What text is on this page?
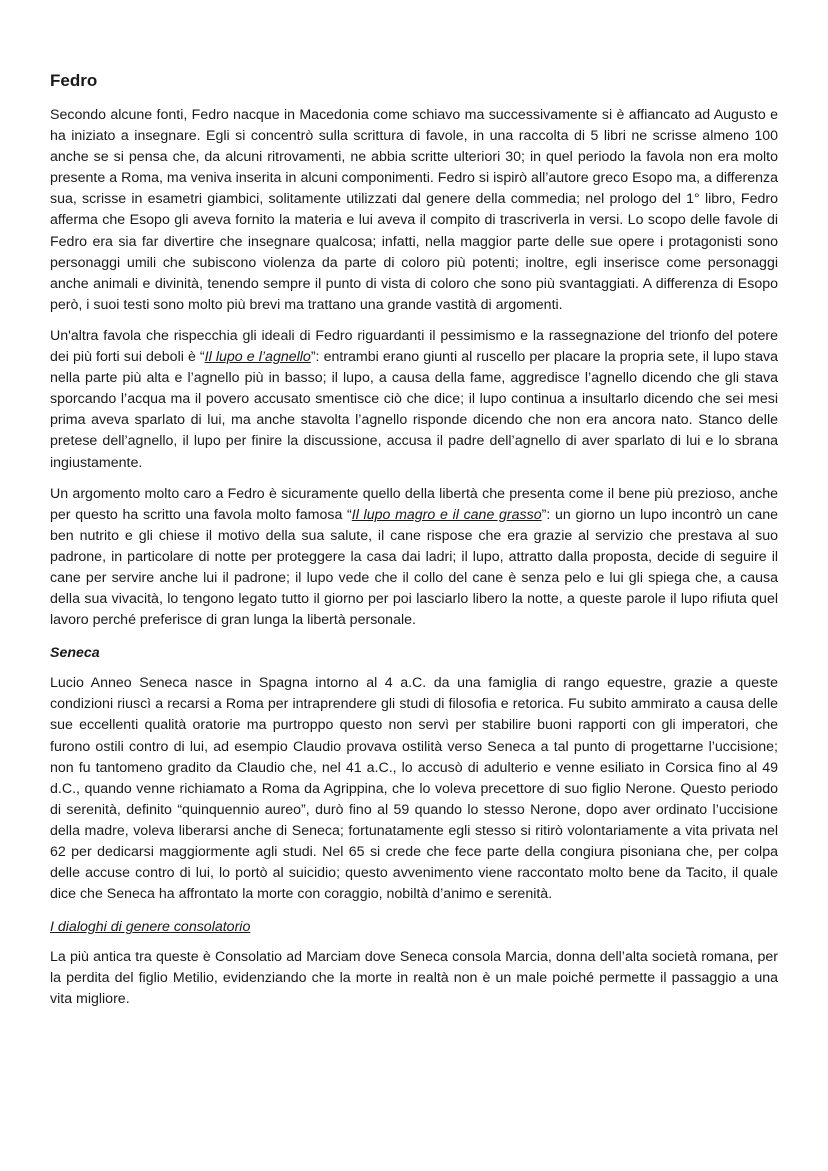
Fedro

Secondo alcune fonti, Fedro nacque in Macedonia come schiavo ma successivamente si è affiancato ad Augusto e ha iniziato a insegnare. Egli si concentrò sulla scrittura di favole, in una raccolta di 5 libri ne scrisse almeno 100 anche se si pensa che, da alcuni ritrovamenti, ne abbia scritte ulteriori 30; in quel periodo la favola non era molto presente a Roma, ma veniva inserita in alcuni componimenti. Fedro si ispirò all’autore greco Esopo ma, a differenza sua, scrisse in esametri giambici, solitamente utilizzati dal genere della commedia; nel prologo del 1° libro, Fedro afferma che Esopo gli aveva fornito la materia e lui aveva il compito di trascriverla in versi. Lo scopo delle favole di Fedro era sia far divertire che insegnare qualcosa; infatti, nella maggior parte delle sue opere i protagonisti sono personaggi umili che subiscono violenza da parte di coloro più potenti; inoltre, egli inserisce come personaggi anche animali e divinità, tenendo sempre il punto di vista di coloro che sono più svantaggiati. A differenza di Esopo però, i suoi testi sono molto più brevi ma trattano una grande vastità di argomenti.

Un'altra favola che rispecchia gli ideali di Fedro riguardanti il pessimismo e la rassegnazione del trionfo del potere dei più forti sui deboli è “Il lupo e l’agnello”: entrambi erano giunti al ruscello per placare la propria sete, il lupo stava nella parte più alta e l’agnello più in basso; il lupo, a causa della fame, aggredisce l’agnello dicendo che gli stava sporcando l’acqua ma il povero accusato smentisce ciò che dice; il lupo continua a insultarlo dicendo che sei mesi prima aveva sparlato di lui, ma anche stavolta l’agnello risponde dicendo che non era ancora nato. Stanco delle pretese dell’agnello, il lupo per finire la discussione, accusa il padre dell’agnello di aver sparlato di lui e lo sbrana ingiustamente.

Un argomento molto caro a Fedro è sicuramente quello della libertà che presenta come il bene più prezioso, anche per questo ha scritto una favola molto famosa “Il lupo magro e il cane grasso”: un giorno un lupo incontrò un cane ben nutrito e gli chiese il motivo della sua salute, il cane rispose che era grazie al servizio che prestava al suo padrone, in particolare di notte per proteggere la casa dai ladri; il lupo, attratto dalla proposta, decide di seguire il cane per servire anche lui il padrone; il lupo vede che il collo del cane è senza pelo e lui gli spiega che, a causa della sua vivacità, lo tengono legato tutto il giorno per poi lasciarlo libero la notte, a queste parole il lupo rifiuta quel lavoro perché preferisce di gran lunga la libertà personale.

Seneca

Lucio Anneo Seneca nasce in Spagna intorno al 4 a.C. da una famiglia di rango equestre, grazie a queste condizioni riuscì a recarsi a Roma per intraprendere gli studi di filosofia e retorica. Fu subito ammirato a causa delle sue eccellenti qualità oratorie ma purtroppo questo non servì per stabilire buoni rapporti con gli imperatori, che furono ostili contro di lui, ad esempio Claudio provava ostilità verso Seneca a tal punto di progettarne l’uccisione; non fu tantomeno gradito da Claudio che, nel 41 a.C., lo accusò di adulterio e venne esiliato in Corsica fino al 49 d.C., quando venne richiamato a Roma da Agrippina, che lo voleva precettore di suo figlio Nerone. Questo periodo di serenità, definito “quinquennio aureo”, durò fino al 59 quando lo stesso Nerone, dopo aver ordinato l’uccisione della madre, voleva liberarsi anche di Seneca; fortunatamente egli stesso si ritirò volontariamente a vita privata nel 62 per dedicarsi maggiormente agli studi. Nel 65 si crede che fece parte della congiura pisoniana che, per colpa delle accuse contro di lui, lo portò al suicidio; questo avvenimento viene raccontato molto bene da Tacito, il quale dice che Seneca ha affrontato la morte con coraggio, nobiltà d’animo e serenità.

I dialoghi di genere consolatorio

La più antica tra queste è Consolatio ad Marciam dove Seneca consola Marcia, donna dell’alta società romana, per la perdita del figlio Metilio, evidenziando che la morte in realtà non è un male poiché permette il passaggio a una vita migliore.
